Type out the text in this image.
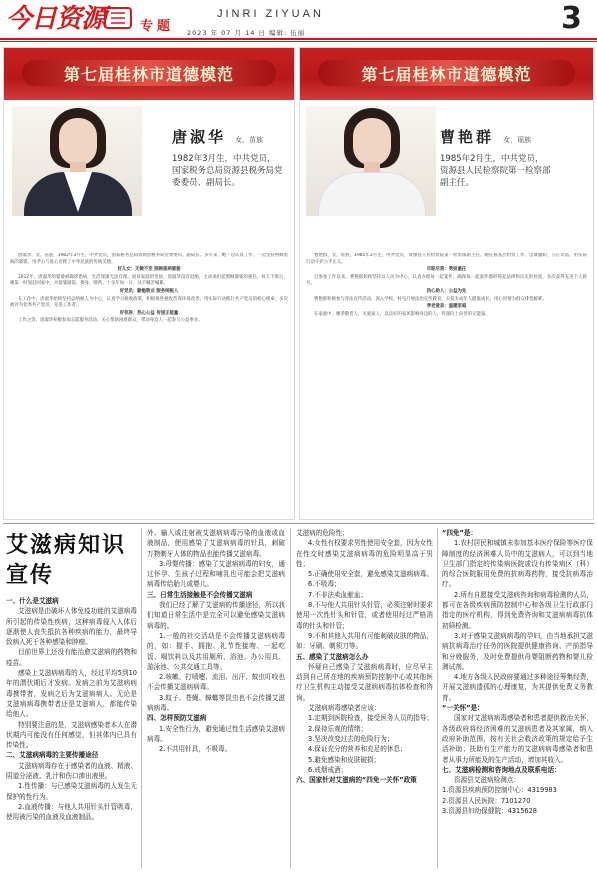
今日资源	专题
JINRI ZIYUAN
2023 年 07 月 14 日 编辑: 伍丽	3
第七届桂林市道德模范
唐淑华 女，苗族
1982年3月生，中共党员，
国家税务总局资源县税务局党
委委员、副局长。

唐淑华，女，苗族，1982年3月生，中共党员，国家税务总局资源县税务局党委委员、副局长。多年来，她一边认真工作，一边坚持照顾患病的婆婆，用孝心与爱心诠释了中华民族的传统美德。

好儿女：无微不至 照顾患病婆婆

2012年，唐淑华的婆婆被确诊患病，生活逐渐无法自理。面对家庭的变故，唐淑华没有退缩，主动承担起照顾婆婆的重任。每天下班后，她第一时间赶回家中，为婆婆做饭、擦身、喂药。十多年如一日，从不喊苦喊累。

好党员：勤勉敬业 服务纳税人

在工作中，唐淑华始终坚持以纳税人为中心，认真学习税收政策，积极推进税收营商环境改善，用实际行动践行共产党员的初心使命，多次被评为优秀共产党员、先进工作者。

好邻居：热心公益 传递正能量

工作之余，唐淑华积极参加志愿服务活动，关心帮助困难群众，带动身边人一起参与公益事业。

第七届桂林市道德模范
曹艳群 女，瑶族
1985年2月生，中共党员，
资源县人民检察院第一检察部
副主任。

曹艳群，女，瑶族，1985年2月生，中共党员，资源县人民检察院第一检察部副主任。她扎根基层检察工作，忠诚履职，公正司法，用实际行动守护公平正义。

尽职尽责：勇担重任

自参加工作以来，曹艳群始终坚持以人民为中心，认真办理每一起案件，确保每一起案件都经得起法律和历史的检验，多次获得先进个人称号。

热心助人：公益为先

曹艳群积极参与普法宣传活动，深入学校、村屯开展法治宣传教育，关爱未成年人健康成长，用心用情为群众排忧解难。

孝老爱亲：温暖家庭

在家庭中，她孝敬老人、关爱家人，以良好的家风影响身边的人，传递向上向善的正能量。

艾滋病知识宣传

一、什么是艾滋病

艾滋病是由破坏人体免疫功能的艾滋病毒所引起的传染性疾病，这种病毒侵入人体后逐渐使人丧失抵抗各种疾病的能力，最终导致病人死于各种感染和肿瘤。

目前世界上还没有能治愈艾滋病的药物和疫苗。

感染上艾滋病病毒的人，经过平均5到10年的潜伏期后才发病。发病之前为艾滋病病毒携带者，发病之后为艾滋病病人。无论是艾滋病病毒携带者还是艾滋病人，都能传染给他人。

特别要注意的是，艾滋病感染者本人在潜伏期内可能没有任何感觉，但其体内已具有传染性。

二、艾滋病病毒的主要传播途径

艾滋病病毒存在于感染者的血液、精液、阴道分泌液、乳汁和伤口渗出液里。

1.性传播：与已感染艾滋病毒的人发生无保护的性行为。

2.血液传播：与他人共用针头针管吸毒，使用被污染的血液及血液制品。

外、输入或注射被艾滋病病毒污染的血液或血液制品，使用感染了艾滋病病毒的针具，刺破万物剃牙人体的物品也能传播艾滋病毒。

3.母婴传播：感染了艾滋病病毒的妇女，通过怀孕、生孩子过程和哺乳也可能会把艾滋病病毒传给胎儿或婴儿。

三、日常生活接触是不会传播艾滋病

我们已经了解了艾滋病的传播途径，所以我们知道日常生活中是完全可以避免感染艾滋病病毒的。

1.一般的社交活动是不会传播艾滋病病毒的，如：握手、拥抱、礼节性接吻、一起吃饭、喝饮料以及共用厕所、浴池、办公用具、游泳池、公共交通工具等。

2.咳嗽、打喷嚏、流泪、出汗、蚊虫叮咬也不会传播艾滋病病毒。

3.蚊子、苍蝇、蟑螂等昆虫也不会传播艾滋病病毒。

四、怎样预防艾滋病

1.安全性行为，避免通过性生活感染艾滋病病毒。

2.不共用针具，不吸毒。

艾滋病的危险性；

4.女性有权要求男性使用安全套，因为女性在性交时感染艾滋病病毒的危险明显高于男性；

5.正确使用安全套，避免感染艾滋病病毒。

6.不吸毒；

7.不非法卖血献血；

8.不与他人共用针头针管，必须注射时要求使用一次性针头和针管，或者使用经过严格消毒的针头和针管；

9.不和其他人共用有可能刺破皮肤的物品，如：牙刷、剃须刀等。

五、感染了艾滋病怎么办

怀疑自己感染了艾滋病病毒时，应尽早主动到自己所在地的疾病预防控制中心或其他医疗卫生机构主动接受艾滋病病毒抗体检查和咨询。

艾滋病病毒感染者应该：

1.定期到医院检查，接受医务人员的指导；

2.保持乐观的情绪；

3.坚决改变过去的危险行为；

4.保证充分的营养和充足的休息；

5.避免感染和皮肤破损；

6.戒烟戒酒；

六、国家针对艾滋病的“四免一关怀”政策

“四免”是：

1.农村居民和城镇未参加基本医疗保险等医疗保障制度的经济困难人员中的艾滋病人，可以到当地卫生部门指定的传染病医院或设有传染病区（科）的综合医院服用免费的抗病毒药物，接受抗病毒治疗。

2.所有自愿接受艾滋病咨询和病毒检测的人员，都可在各级疾病预防控制中心和各级卫生行政部门指定的医疗机构，得到免费咨询和艾滋病病毒抗体初筛检测。

3.对于感染艾滋病病毒的孕妇，由当地承担艾滋病抗病毒治疗任务的医院提供健康咨询、产前指导和分娩服务，及时免费提供母婴阻断药物和婴儿检测试剂。

4.地方各级人民政府要通过多种途径筹集经费，开展艾滋病遗孤的心理康复，为其提供免费义务教育。

“一关怀”是：

国家对艾滋病病毒感染者和患者提供救治关怀，各级政府将经济困难的艾滋病患者及其家属，纳入政府补助范围，按有关社会救济政策的规定给予生活补助；扶助有生产能力的艾滋病病毒感染者和患者从事力所能及的生产活动，增加其收入。

七、艾滋病检测和咨询地点及联系电话：

资源县艾滋病检测点：

1.资源县疾病预防控制中心：4319983

2.资源县人民医院：7101270

3.资源县妇幼保健院：4315628
